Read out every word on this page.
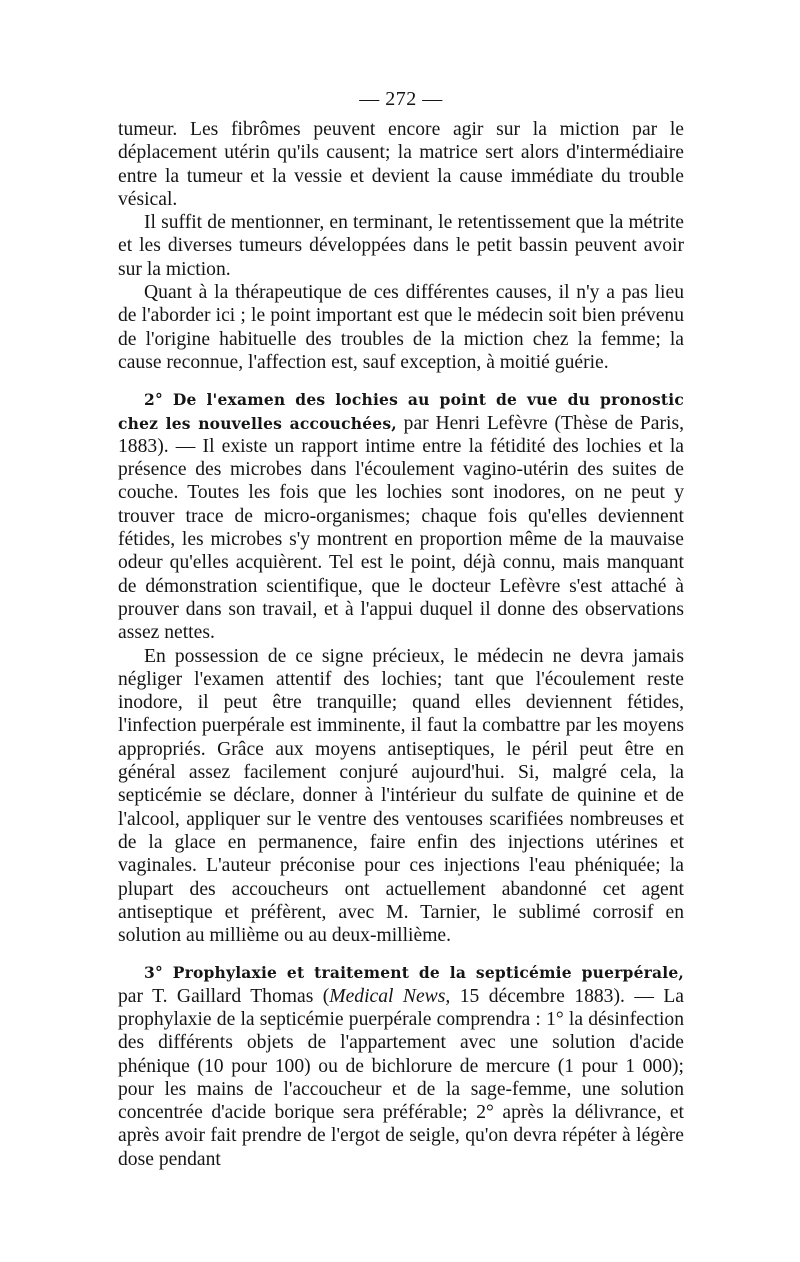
— 272 —

tumeur. Les fibrômes peuvent encore agir sur la miction par le déplacement utérin qu'ils causent; la matrice sert alors d'intermédiaire entre la tumeur et la vessie et devient la cause immédiate du trouble vésical.

Il suffit de mentionner, en terminant, le retentissement que la métrite et les diverses tumeurs développées dans le petit bassin peuvent avoir sur la miction.

Quant à la thérapeutique de ces différentes causes, il n'y a pas lieu de l'aborder ici ; le point important est que le médecin soit bien prévenu de l'origine habituelle des troubles de la miction chez la femme; la cause reconnue, l'affection est, sauf exception, à moitié guérie.

2° De l'examen des lochies au point de vue du pronostic chez les nouvelles accouchées, par Henri Lefèvre (Thèse de Paris, 1883). — Il existe un rapport intime entre la fétidité des lochies et la présence des microbes dans l'écoulement vagino-utérin des suites de couche. Toutes les fois que les lochies sont inodores, on ne peut y trouver trace de micro-organismes; chaque fois qu'elles deviennent fétides, les microbes s'y montrent en proportion même de la mauvaise odeur qu'elles acquièrent. Tel est le point, déjà connu, mais manquant de démonstration scientifique, que le docteur Lefèvre s'est attaché à prouver dans son travail, et à l'appui duquel il donne des observations assez nettes.

En possession de ce signe précieux, le médecin ne devra jamais négliger l'examen attentif des lochies; tant que l'écoulement reste inodore, il peut être tranquille; quand elles deviennent fétides, l'infection puerpérale est imminente, il faut la combattre par les moyens appropriés. Grâce aux moyens antiseptiques, le péril peut être en général assez facilement conjuré aujourd'hui. Si, malgré cela, la septicémie se déclare, donner à l'intérieur du sulfate de quinine et de l'alcool, appliquer sur le ventre des ventouses scarifiées nombreuses et de la glace en permanence, faire enfin des injections utérines et vaginales. L'auteur préconise pour ces injections l'eau phéniquée; la plupart des accoucheurs ont actuellement abandonné cet agent antiseptique et préfèrent, avec M. Tarnier, le sublimé corrosif en solution au millième ou au deux-millième.

3° Prophylaxie et traitement de la septicémie puerpérale, par T. Gaillard Thomas (Medical News, 15 décembre 1883). — La prophylaxie de la septicémie puerpérale comprendra : 1° la désinfection des différents objets de l'appartement avec une solution d'acide phénique (10 pour 100) ou de bichlorure de mercure (1 pour 1 000); pour les mains de l'accoucheur et de la sage-femme, une solution concentrée d'acide borique sera préférable; 2° après la délivrance, et après avoir fait prendre de l'ergot de seigle, qu'on devra répéter à légère dose pendant
